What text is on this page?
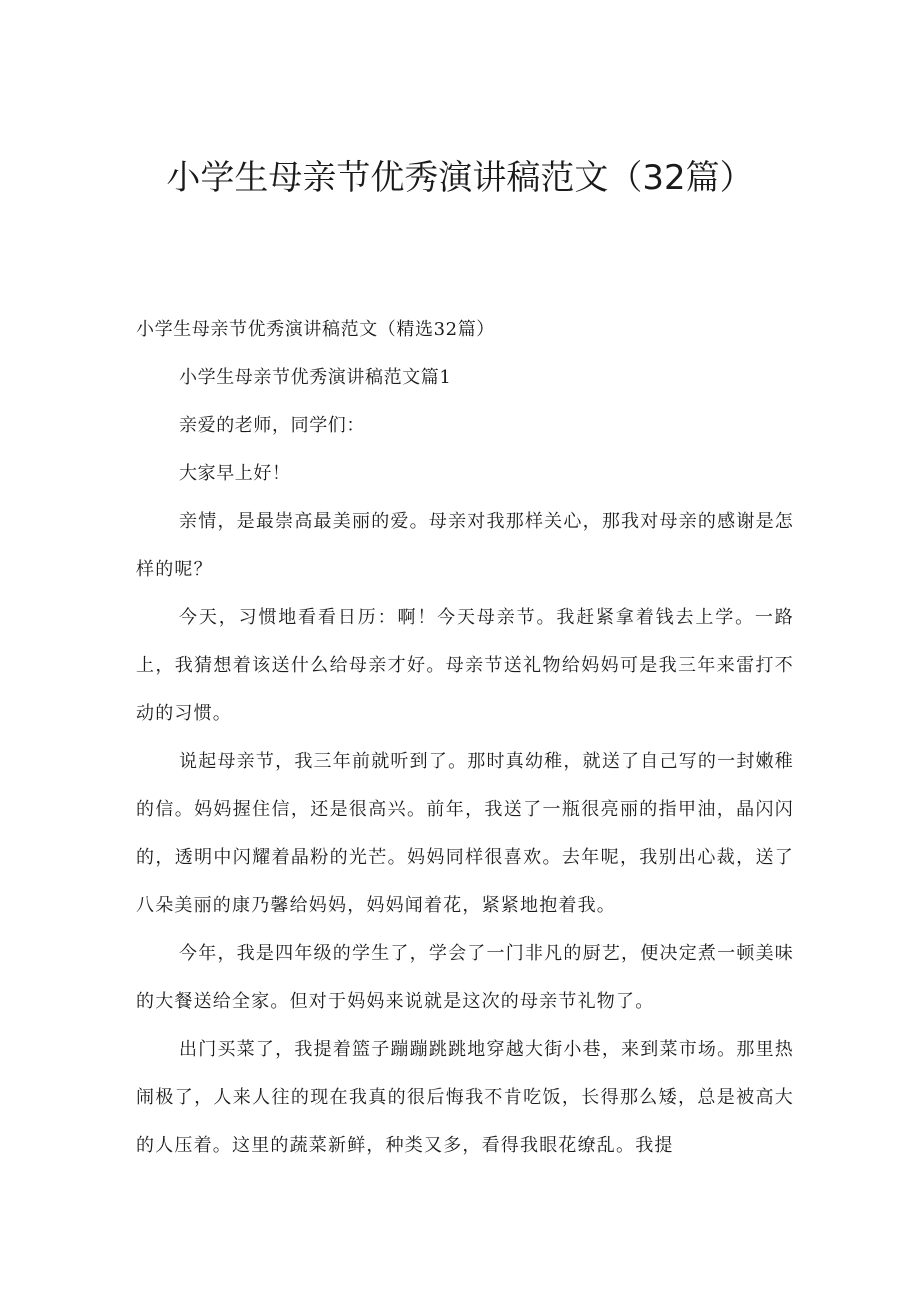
小学生母亲节优秀演讲稿范文（32篇）

小学生母亲节优秀演讲稿范文（精选32篇）

小学生母亲节优秀演讲稿范文篇1

亲爱的老师，同学们：

大家早上好！

亲情，是最崇高最美丽的爱。母亲对我那样关心，那我对母亲的感谢是怎样的呢？

今天，习惯地看看日历：啊！今天母亲节。我赶紧拿着钱去上学。一路上，我猜想着该送什么给母亲才好。母亲节送礼物给妈妈可是我三年来雷打不动的习惯。

说起母亲节，我三年前就听到了。那时真幼稚，就送了自己写的一封嫩稚的信。妈妈握住信，还是很高兴。前年，我送了一瓶很亮丽的指甲油，晶闪闪的，透明中闪耀着晶粉的光芒。妈妈同样很喜欢。去年呢，我别出心裁，送了八朵美丽的康乃馨给妈妈，妈妈闻着花，紧紧地抱着我。

今年，我是四年级的学生了，学会了一门非凡的厨艺，便决定煮一顿美味的大餐送给全家。但对于妈妈来说就是这次的母亲节礼物了。

出门买菜了，我提着篮子蹦蹦跳跳地穿越大街小巷，来到菜市场。那里热闹极了，人来人往的现在我真的很后悔我不肯吃饭，长得那么矮，总是被高大的人压着。这里的蔬菜新鲜，种类又多，看得我眼花缭乱。我提
